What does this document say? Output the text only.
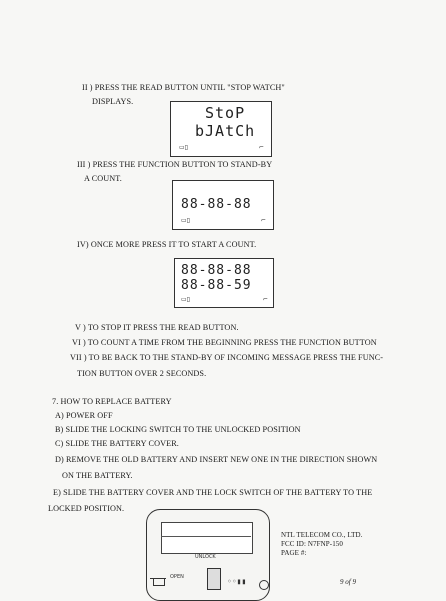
II ) PRESS THE READ BUTTON UNTIL "STOP WATCH"
DISPLAYS.
StoP
bJAtCh
▭▯	⌐
III ) PRESS THE FUNCTION BUTTON TO STAND-BY
A COUNT.
88-88-88
▭▯	⌐
IV) ONCE MORE PRESS IT TO START A COUNT.
88-88-88
88-88-59
▭▯	⌐
V ) TO STOP IT PRESS THE READ BUTTON.
VI ) TO COUNT A TIME FROM THE BEGINNING PRESS THE FUNCTION BUTTON
VII ) TO BE BACK TO THE STAND-BY OF INCOMING MESSAGE PRESS THE FUNC-
TION BUTTON OVER 2 SECONDS.
7. HOW TO REPLACE BATTERY
A) POWER OFF
B) SLIDE THE LOCKING SWITCH TO THE UNLOCKED POSITION
C) SLIDE THE BATTERY COVER.
D) REMOVE THE OLD BATTERY AND INSERT NEW ONE IN THE DIRECTION SHOWN
ON THE BATTERY.
E) SLIDE THE BATTERY COVER AND THE LOCK SWITCH OF THE BATTERY TO THE
LOCKED POSITION.
UNLOCK
◦◦▮▮
OPEN
NTL TELECOM CO., LTD.
FCC ID: N7FNP-150
PAGE #:
9 of 9
